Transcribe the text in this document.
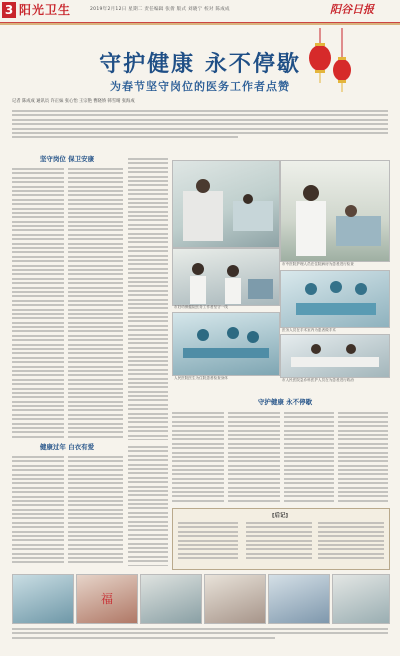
3 阳光卫生	2019年2月12日 星期二 责任编辑 张倩 版式 刘晓宁 校对 陈成成	阳谷日报
守护健康 永不停歇
为春节坚守岗位的医务工作者点赞
记者 陈成成 通讯员 许正妹 张心怡 王宗艳 曹晓娇 韩雪晴 张海成
坚守岗位 保卫安康
市中医院护理人员在住院病房为患者进行检查
市妇幼保健院医务工作者坚守一线
人民医院医生为住院患者检查身体
医务人员在手术室内为患者做手术
市人民医院急诊科医护人员在为患者进行救治
健康过年 白衣有爱
守护健康 永不停歇
[后记]
福
